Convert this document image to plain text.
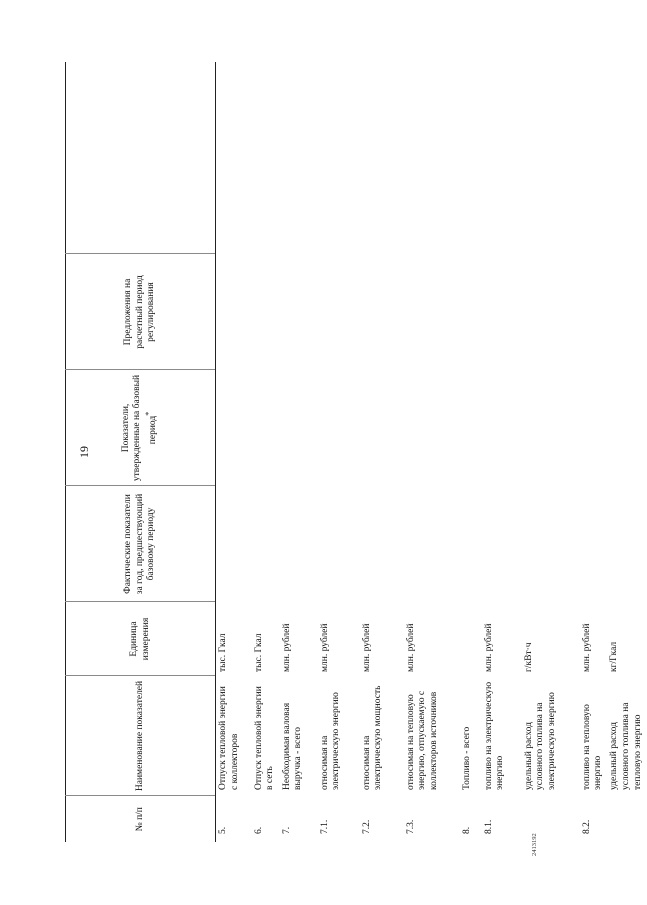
19
№ п/п	Наименование показателей	Единица измерения	Фактические показатели за год, предшествующий базовому периоду	Показатели, утвержденные на базовый период*	Предложения на расчетный период регулирования	
5.	Отпуск тепловой энергии с коллекторов	тыс. Гкал				
6.	Отпуск тепловой энергии в сеть	тыс. Гкал				
7.	Необходимая валовая выручка - всего	млн. рублей				
7.1.	относимая на электрическую энергию	млн. рублей				
7.2.	относимая на электрическую мощность	млн. рублей				
7.3.	относимая на тепловую энергию, отпускаемую с коллекторов источников	млн. рублей				
8.	Топливо - всего					
8.1.	топливо на электрическую энергию	млн. рублей				
	удельный расход условного топлива на электрическую энергию	г/кВт·ч				
8.2.	топливо на тепловую энергию	млн. рублей				
	удельный расход условного топлива на тепловую энергию	кг/Гкал				
2413192
